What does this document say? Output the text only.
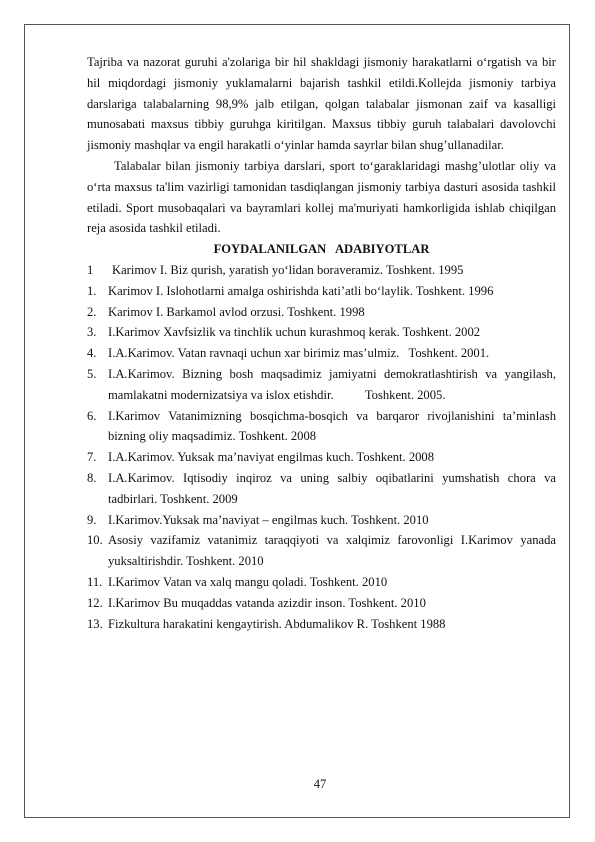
Tajriba va nazorat guruhi a'zolariga bir hil shakldagi jismoniy harakatlarni o‘rgatish va bir hil miqdordagi jismoniy yuklamalarni bajarish tashkil etildi.Kollejda jismoniy tarbiya darslariga talabalarning 98,9% jalb etilgan, qolgan talabalar jismonan zaif va kasalligi munosabati maxsus tibbiy guruhga kiritilgan. Maxsus tibbiy guruh talabalari davolovchi jismoniy mashqlar va engil harakatli o‘yinlar hamda sayrlar bilan shug’ullanadilar.

Talabalar bilan jismoniy tarbiya darslari, sport to‘garaklaridagi mashg’ulotlar oliy va o‘rta maxsus ta'lim vazirligi tamonidan tasdiqlangan jismoniy tarbiya dasturi asosida tashkil etiladi. Sport musobaqalari va bayramlari kollej ma'muriyati hamkorligida ishlab chiqilgan reja asosida tashkil etiladi.

FOYDALANILGAN   ADABIYOTLAR

1	Karimov I. Biz qurish, yaratish yo‘lidan boraveramiz. Toshkent. 1995
1. Karimov I. Islohotlarni amalga oshirishda kati’atli bo‘laylik. Toshkent. 1996
2. Karimov I. Barkamol avlod orzusi. Toshkent. 1998
3. I.Karimov Xavfsizlik va tinchlik uchun kurashmoq kerak. Toshkent. 2002
4. I.A.Karimov. Vatan ravnaqi uchun xar birimiz mas’ulmiz.   Toshkent. 2001.
5. I.A.Karimov. Bizning bosh maqsadimiz jamiyatni demokratlashtirish va yangilash, mamlakatni modernizatsiya va islox etishdir.          Toshkent. 2005.
6. I.Karimov Vatanimizning bosqichma-bosqich va barqaror rivojlanishini ta’minlash bizning oliy maqsadimiz. Toshkent. 2008
7. I.A.Karimov. Yuksak ma’naviyat engilmas kuch. Toshkent. 2008
8. I.A.Karimov. Iqtisodiy inqiroz va uning salbiy oqibatlarini yumshatish chora va tadbirlari. Toshkent. 2009
9. I.Karimov.Yuksak ma’naviyat – engilmas kuch. Toshkent. 2010
10. Asosiy vazifamiz vatanimiz taraqqiyoti va xalqimiz farovonligi I.Karimov yanada yuksaltirishdir. Toshkent. 2010
11. I.Karimov Vatan va xalq mangu qoladi. Toshkent. 2010
12. I.Karimov Bu muqaddas vatanda azizdir inson. Toshkent. 2010
13. Fizkultura harakatini kengaytirish. Abdumalikov R. Toshkent 1988
47
